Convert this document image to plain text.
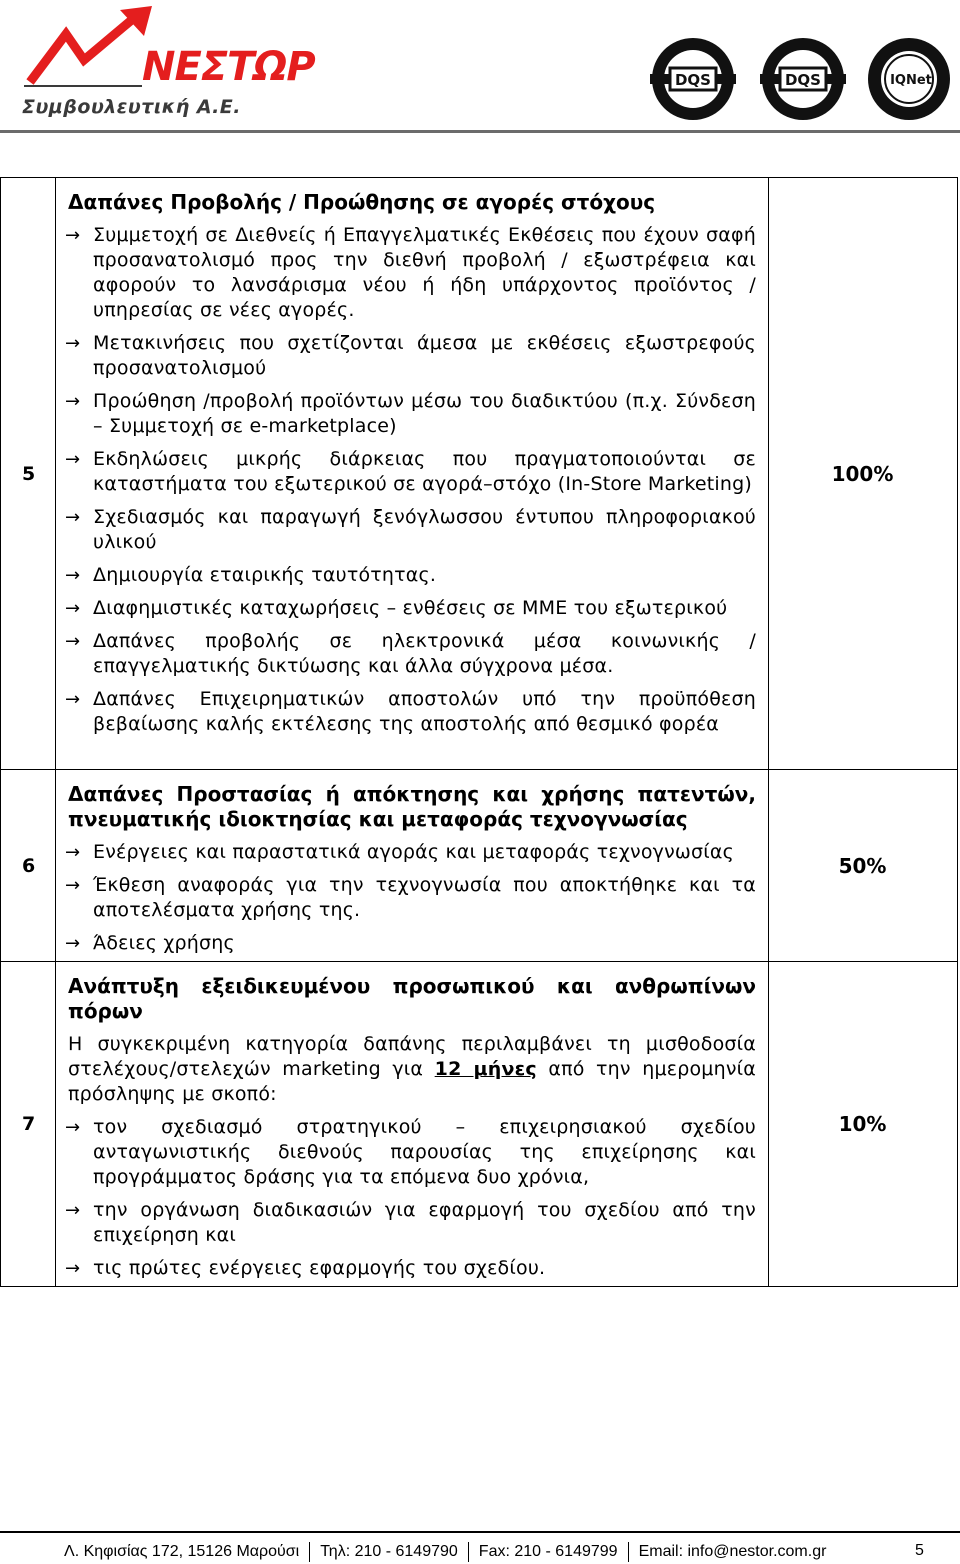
ΝΕΣΤΩΡ
Συμβουλευτική Α.Ε.
DQS	DQS	IQNet
5
Δαπάνες Προβολής / Προώθησης σε αγορές στόχους
→ Συμμετοχή σε Διεθνείς ή Επαγγελματικές Εκθέσεις που έχουν σαφή προσανατολισμό προς την διεθνή προβολή / εξωστρέφεια και αφορούν το λανσάρισμα νέου ή ήδη υπάρχοντος προϊόντος / υπηρεσίας σε νέες αγορές.
→ Μετακινήσεις που σχετίζονται άμεσα με εκθέσεις εξωστρεφούς προσανατολισμού
→ Προώθηση /προβολή προϊόντων μέσω του διαδικτύου (π.χ. Σύνδεση – Συμμετοχή σε e-marketplace)
→ Εκδηλώσεις μικρής διάρκειας που πραγματοποιούνται σε καταστήματα του εξωτερικού σε αγορά–στόχο (In-Store Marketing)
→ Σχεδιασμός και παραγωγή ξενόγλωσσου έντυπου πληροφοριακού υλικού
→ Δημιουργία εταιρικής ταυτότητας.
→ Διαφημιστικές καταχωρήσεις – ενθέσεις σε ΜΜΕ του εξωτερικού
→ Δαπάνες προβολής σε ηλεκτρονικά μέσα κοινωνικής / επαγγελματικής δικτύωσης και άλλα σύγχρονα μέσα.
→ Δαπάνες Επιχειρηματικών αποστολών υπό την προϋπόθεση βεβαίωσης καλής εκτέλεσης της αποστολής από θεσμικό φορέα
100%
6
Δαπάνες Προστασίας ή απόκτησης και χρήσης πατεντών, πνευματικής ιδιοκτησίας και μεταφοράς τεχνογνωσίας
→ Ενέργειες και παραστατικά αγοράς και μεταφοράς τεχνογνωσίας
→ Έκθεση αναφοράς για την τεχνογνωσία που αποκτήθηκε και τα αποτελέσματα χρήσης της.
→ Άδειες χρήσης
50%
7
Ανάπτυξη εξειδικευμένου προσωπικού και ανθρωπίνων πόρων
Η συγκεκριμένη κατηγορία δαπάνης περιλαμβάνει τη μισθοδοσία στελέχους/στελεχών marketing για 12 μήνες από την ημερομηνία πρόσληψης με σκοπό:
→ τον σχεδιασμό στρατηγικού – επιχειρησιακού σχεδίου ανταγωνιστικής διεθνούς παρουσίας της επιχείρησης και προγράμματος δράσης για τα επόμενα δυο χρόνια,
→ την οργάνωση διαδικασιών για εφαρμογή του σχεδίου από την επιχείρηση και
→ τις πρώτες ενέργειες εφαρμογής του σχεδίου.
10%
Λ. Κηφισίας 172, 15126 Μαρούσι Τηλ: 210 - 6149790 Fax: 210 - 6149799 Email: info@nestor.com.gr	5
